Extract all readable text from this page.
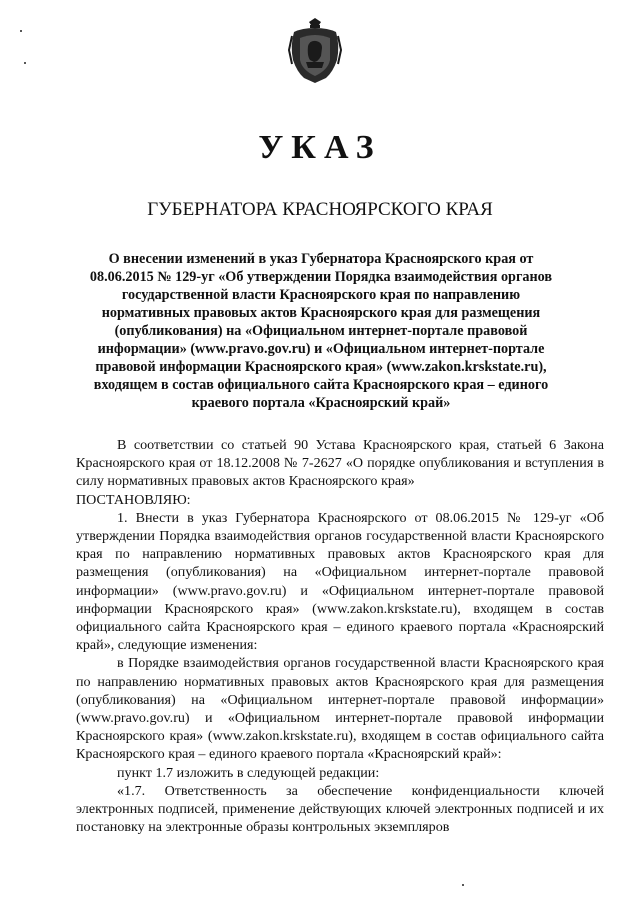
УКАЗ
ГУБЕРНАТОРА КРАСНОЯРСКОГО КРАЯ
О внесении изменений в указ Губернатора Красноярского края от 08.06.2015 № 129-уг «Об утверждении Порядка взаимодействия органов государственной власти Красноярского края по направлению нормативных правовых актов Красноярского края для размещения (опубликования) на «Официальном интернет-портале правовой информации» (www.pravo.gov.ru) и «Официальном интернет-портале правовой информации Красноярского края» (www.zakon.krskstate.ru), входящем в состав официального сайта Красноярского края – единого краевого портала «Красноярский край»

В соответствии со статьей 90 Устава Красноярского края, статьей 6 Закона Красноярского края от 18.12.2008 № 7-2627 «О порядке опубликования и вступления в силу нормативных правовых актов Красноярского края»

ПОСТАНОВЛЯЮ:

1. Внести в указ Губернатора Красноярского от 08.06.2015 № 129-уг «Об утверждении Порядка взаимодействия органов государственной власти Красноярского края по направлению нормативных правовых актов Красноярского края для размещения (опубликования) на «Официальном интернет-портале правовой информации» (www.pravo.gov.ru) и «Официальном интернет-портале правовой информации Красноярского края» (www.zakon.krskstate.ru), входящем в состав официального сайта Красноярского края – единого краевого портала «Красноярский край», следующие изменения:

в Порядке взаимодействия органов государственной власти Красноярского края по направлению нормативных правовых актов Красноярского края для размещения (опубликования) на «Официальном интернет-портале правовой информации» (www.pravo.gov.ru) и «Официальном интернет-портале правовой информации Красноярского края» (www.zakon.krskstate.ru), входящем в состав официального сайта Красноярского края – единого краевого портала «Красноярский край»:

пункт 1.7 изложить в следующей редакции:

«1.7. Ответственность за обеспечение конфиденциальности ключей электронных подписей, применение действующих ключей электронных подписей и их постановку на электронные образы контрольных экземпляров
